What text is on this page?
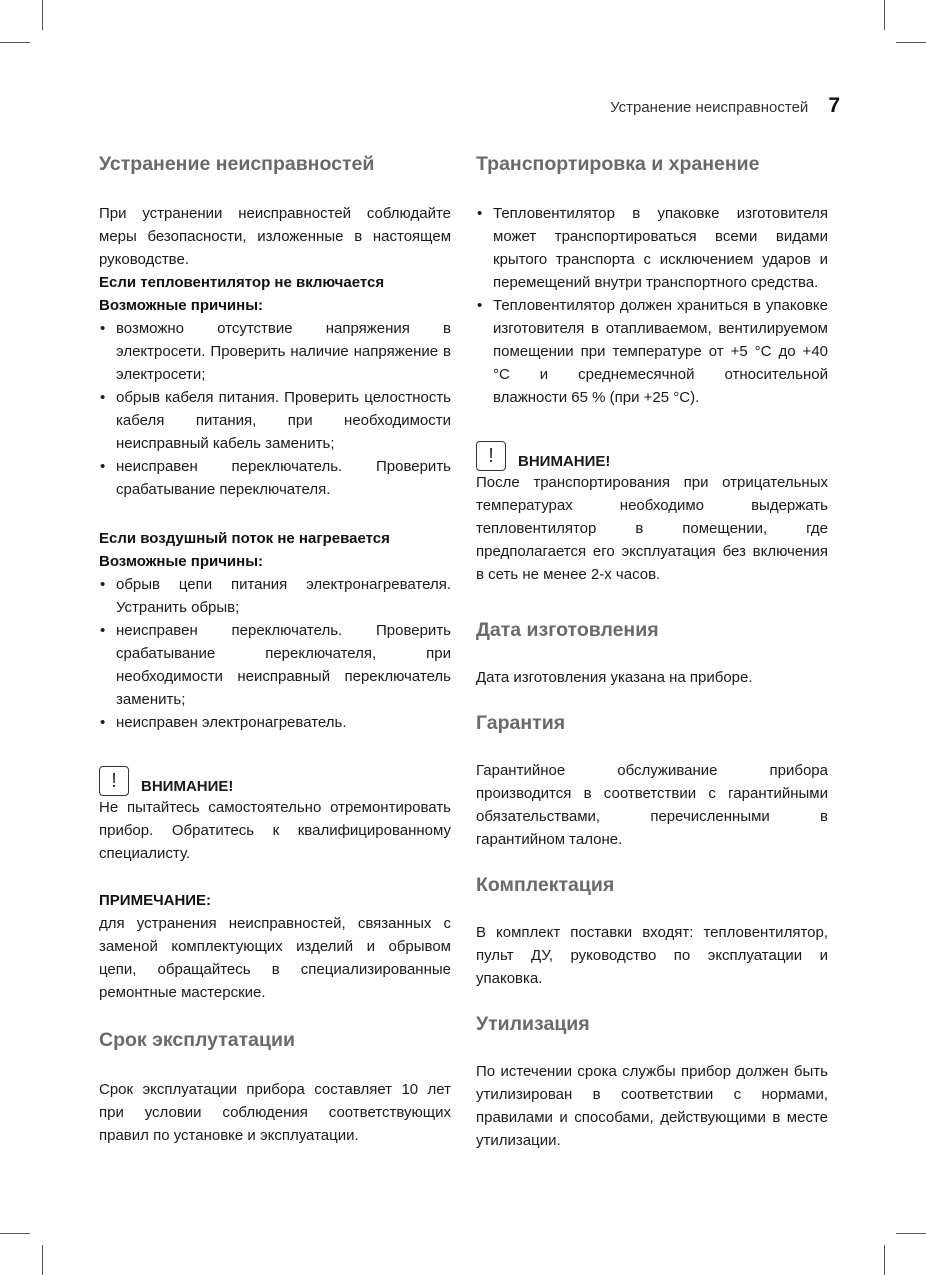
Устранение неисправностей 7
Устранение неисправностей

При устранении неисправностей соблюдайте меры безопасности, изложенные в настоящем руководстве.

Если тепловентилятор не включается

Возможные причины:

• возможно отсутствие напряжения в электросети. Проверить наличие напряжение в электросети;
• обрыв кабеля питания. Проверить целостность кабеля питания, при необходимости неисправный кабель заменить;
• неисправен переключатель. Проверить срабатывание переключателя.

Если воздушный поток не нагревается

Возможные причины:

• обрыв цепи питания электронагревателя. Устранить обрыв;
• неисправен переключатель. Проверить срабатывание переключателя, при необходимости неисправный переключатель заменить;
• неисправен электронагреватель.
!	ВНИМАНИЕ!

Не пытайтесь самостоятельно отремонтировать прибор. Обратитесь к квалифицированному специалисту.

ПРИМЕЧАНИЕ:

для устранения неисправностей, связанных с заменой комплектующих изделий и обрывом цепи, обращайтесь в специализированные ремонтные мастерские.

Срок эксплутатации

Срок эксплуатации прибора составляет 10 лет при условии соблюдения соответствующих правил по установке и эксплуатации.

Транспортировка и хранение
• Тепловентилятор в упаковке изготовителя может транспортироваться всеми видами крытого транспорта с исключением ударов и перемещений внутри транспортного средства.
• Тепловентилятор должен храниться в упаковке изготовителя в отапливаемом, вентилируемом помещении при температуре от +5 °С до +40 °С и среднемесячной относительной влажности 65 % (при +25 °С).
!	ВНИМАНИЕ!

После транспортирования при отрицательных температурах необходимо выдержать тепловентилятор в помещении, где предполагается его эксплуатация без включения в сеть не менее 2-х часов.

Дата изготовления

Дата изготовления указана на приборе.

Гарантия

Гарантийное обслуживание прибора производится в соответствии с гарантийными обязательствами, перечисленными в гарантийном талоне.

Комплектация

В комплект поставки входят: тепловентилятор, пульт ДУ, руководство по эксплуатации и упаковка.

Утилизация

По истечении срока службы прибор должен быть утилизирован в соответствии с нормами, правилами и способами, действующими в месте утилизации.
